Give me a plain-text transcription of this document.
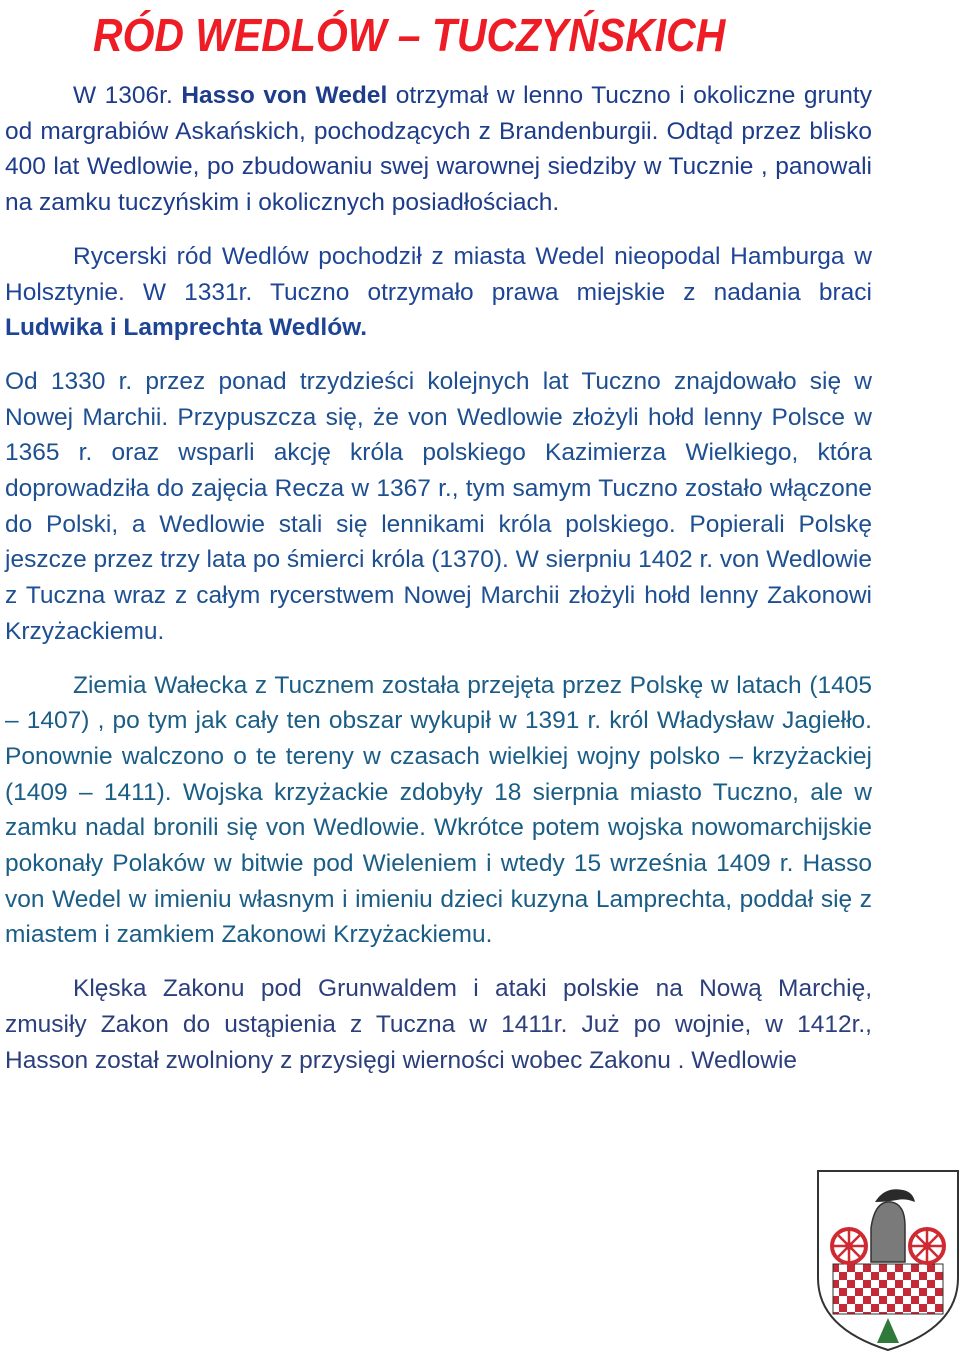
RÓD WEDLÓW – TUCZYŃSKICH

W 1306r. Hasso von Wedel otrzymał w lenno Tuczno i okoliczne grunty od margrabiów Askańskich, pochodzących z Brandenburgii. Odtąd przez blisko 400 lat Wedlowie, po zbudowaniu swej warownej siedziby w Tucznie , panowali na zamku tuczyńskim i okolicznych posiadłościach.

Rycerski ród Wedlów pochodził z miasta Wedel nieopodal Hamburga w Holsztynie. W 1331r. Tuczno otrzymało prawa miejskie z nadania braci Ludwika i Lamprechta Wedlów.

Od 1330 r. przez ponad trzydzieści kolejnych lat Tuczno znajdowało się w Nowej Marchii. Przypuszcza się, że von Wedlowie złożyli hołd lenny Polsce w 1365 r. oraz wsparli akcję króla polskiego Kazimierza Wielkiego, która doprowadziła do zajęcia Recza w 1367 r., tym samym Tuczno zostało włączone do Polski, a Wedlowie stali się lennikami króla polskiego. Popierali Polskę jeszcze przez trzy lata po śmierci króla (1370). W sierpniu 1402 r. von Wedlowie z Tuczna wraz z całym rycerstwem Nowej Marchii złożyli hołd lenny Zakonowi Krzyżackiemu.

Ziemia Wałecka z Tucznem została przejęta przez Polskę w latach (1405 – 1407) , po tym jak cały ten obszar wykupił w 1391 r. król Władysław Jagiełło. Ponownie walczono o te tereny w czasach wielkiej wojny polsko – krzyżackiej (1409 – 1411). Wojska krzyżackie zdobyły 18 sierpnia miasto Tuczno, ale w zamku nadal bronili się von Wedlowie. Wkrótce potem wojska nowomarchijskie pokonały Polaków w bitwie pod Wieleniem i wtedy 15 września 1409 r. Hasso von Wedel w imieniu własnym i imieniu dzieci kuzyna Lamprechta, poddał się z miastem i zamkiem Zakonowi Krzyżackiemu.

Klęska Zakonu pod Grunwaldem i ataki polskie na Nową Marchię, zmusiły Zakon do ustąpienia z Tuczna w 1411r. Już po wojnie, w 1412r., Hasson został zwolniony z przysięgi wierności wobec Zakonu . Wedlowie
